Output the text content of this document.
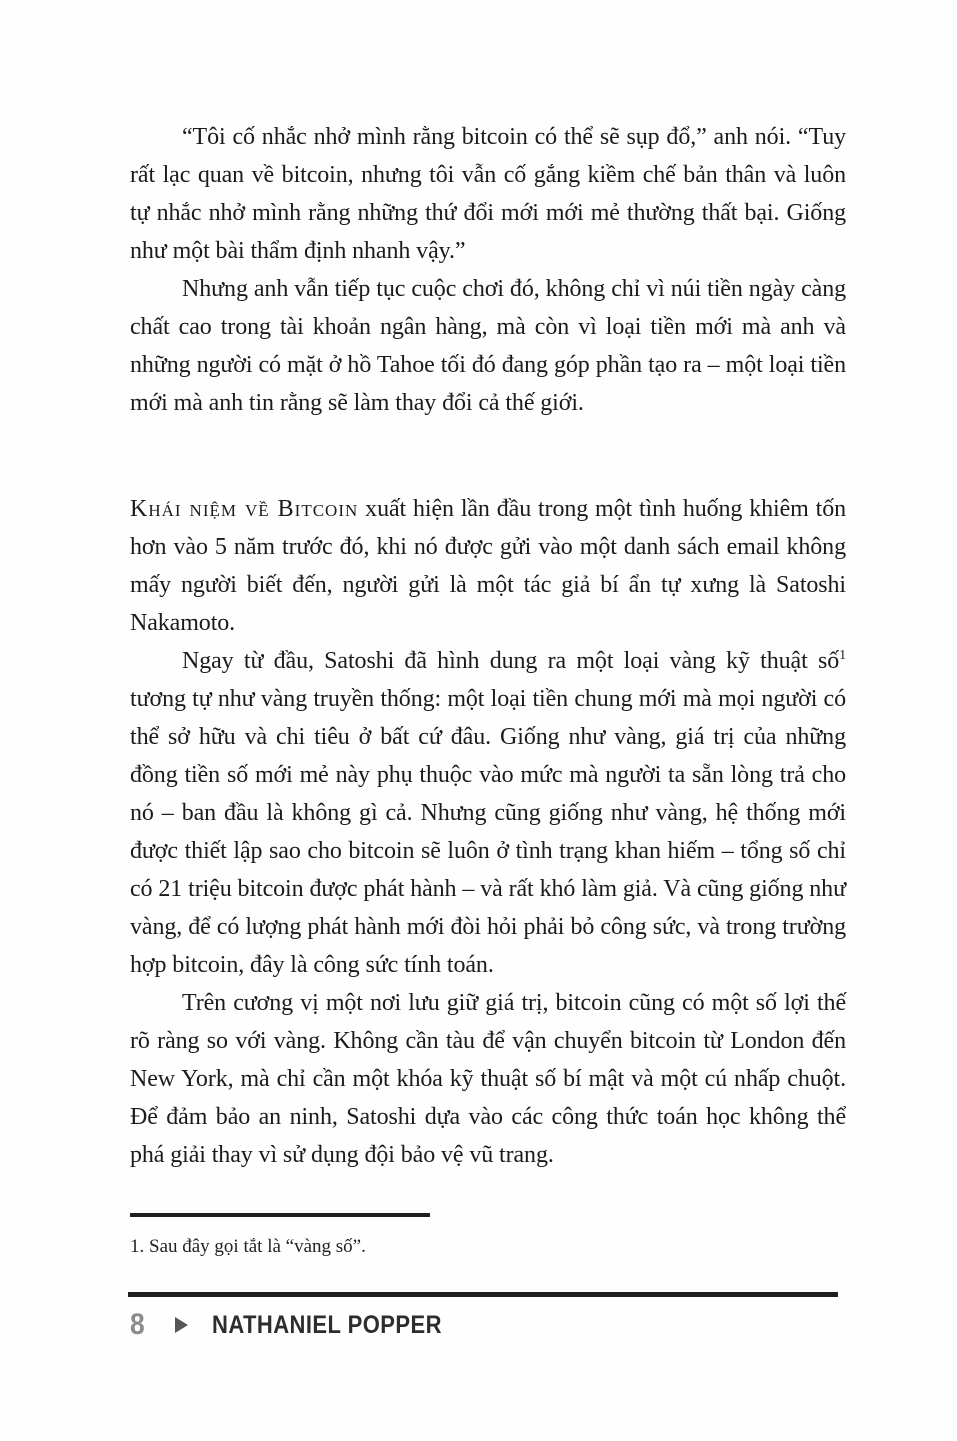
“Tôi cố nhắc nhở mình rằng bitcoin có thể sẽ sụp đổ,” anh nói. “Tuy rất lạc quan về bitcoin, nhưng tôi vẫn cố gắng kiềm chế bản thân và luôn tự nhắc nhở mình rằng những thứ đổi mới mới mẻ thường thất bại. Giống như một bài thẩm định nhanh vậy.”

Nhưng anh vẫn tiếp tục cuộc chơi đó, không chỉ vì núi tiền ngày càng chất cao trong tài khoản ngân hàng, mà còn vì loại tiền mới mà anh và những người có mặt ở hồ Tahoe tối đó đang góp phần tạo ra – một loại tiền mới mà anh tin rằng sẽ làm thay đổi cả thế giới.

Khái niệm về Bitcoin xuất hiện lần đầu trong một tình huống khiêm tốn hơn vào 5 năm trước đó, khi nó được gửi vào một danh sách email không mấy người biết đến, người gửi là một tác giả bí ẩn tự xưng là Satoshi Nakamoto.

Ngay từ đầu, Satoshi đã hình dung ra một loại vàng kỹ thuật số$^1$ tương tự như vàng truyền thống: một loại tiền chung mới mà mọi người có thể sở hữu và chi tiêu ở bất cứ đâu. Giống như vàng, giá trị của những đồng tiền số mới mẻ này phụ thuộc vào mức mà người ta sẵn lòng trả cho nó – ban đầu là không gì cả. Nhưng cũng giống như vàng, hệ thống mới được thiết lập sao cho bitcoin sẽ luôn ở tình trạng khan hiếm – tổng số chỉ có 21 triệu bitcoin được phát hành – và rất khó làm giả. Và cũng giống như vàng, để có lượng phát hành mới đòi hỏi phải bỏ công sức, và trong trường hợp bitcoin, đây là công sức tính toán.

Trên cương vị một nơi lưu giữ giá trị, bitcoin cũng có một số lợi thế rõ ràng so với vàng. Không cần tàu để vận chuyển bitcoin từ London đến New York, mà chỉ cần một khóa kỹ thuật số bí mật và một cú nhấp chuột. Để đảm bảo an ninh, Satoshi dựa vào các công thức toán học không thể phá giải thay vì sử dụng đội bảo vệ vũ trang.

1. Sau đây gọi tắt là “vàng số”.
8	NATHANIEL POPPER
